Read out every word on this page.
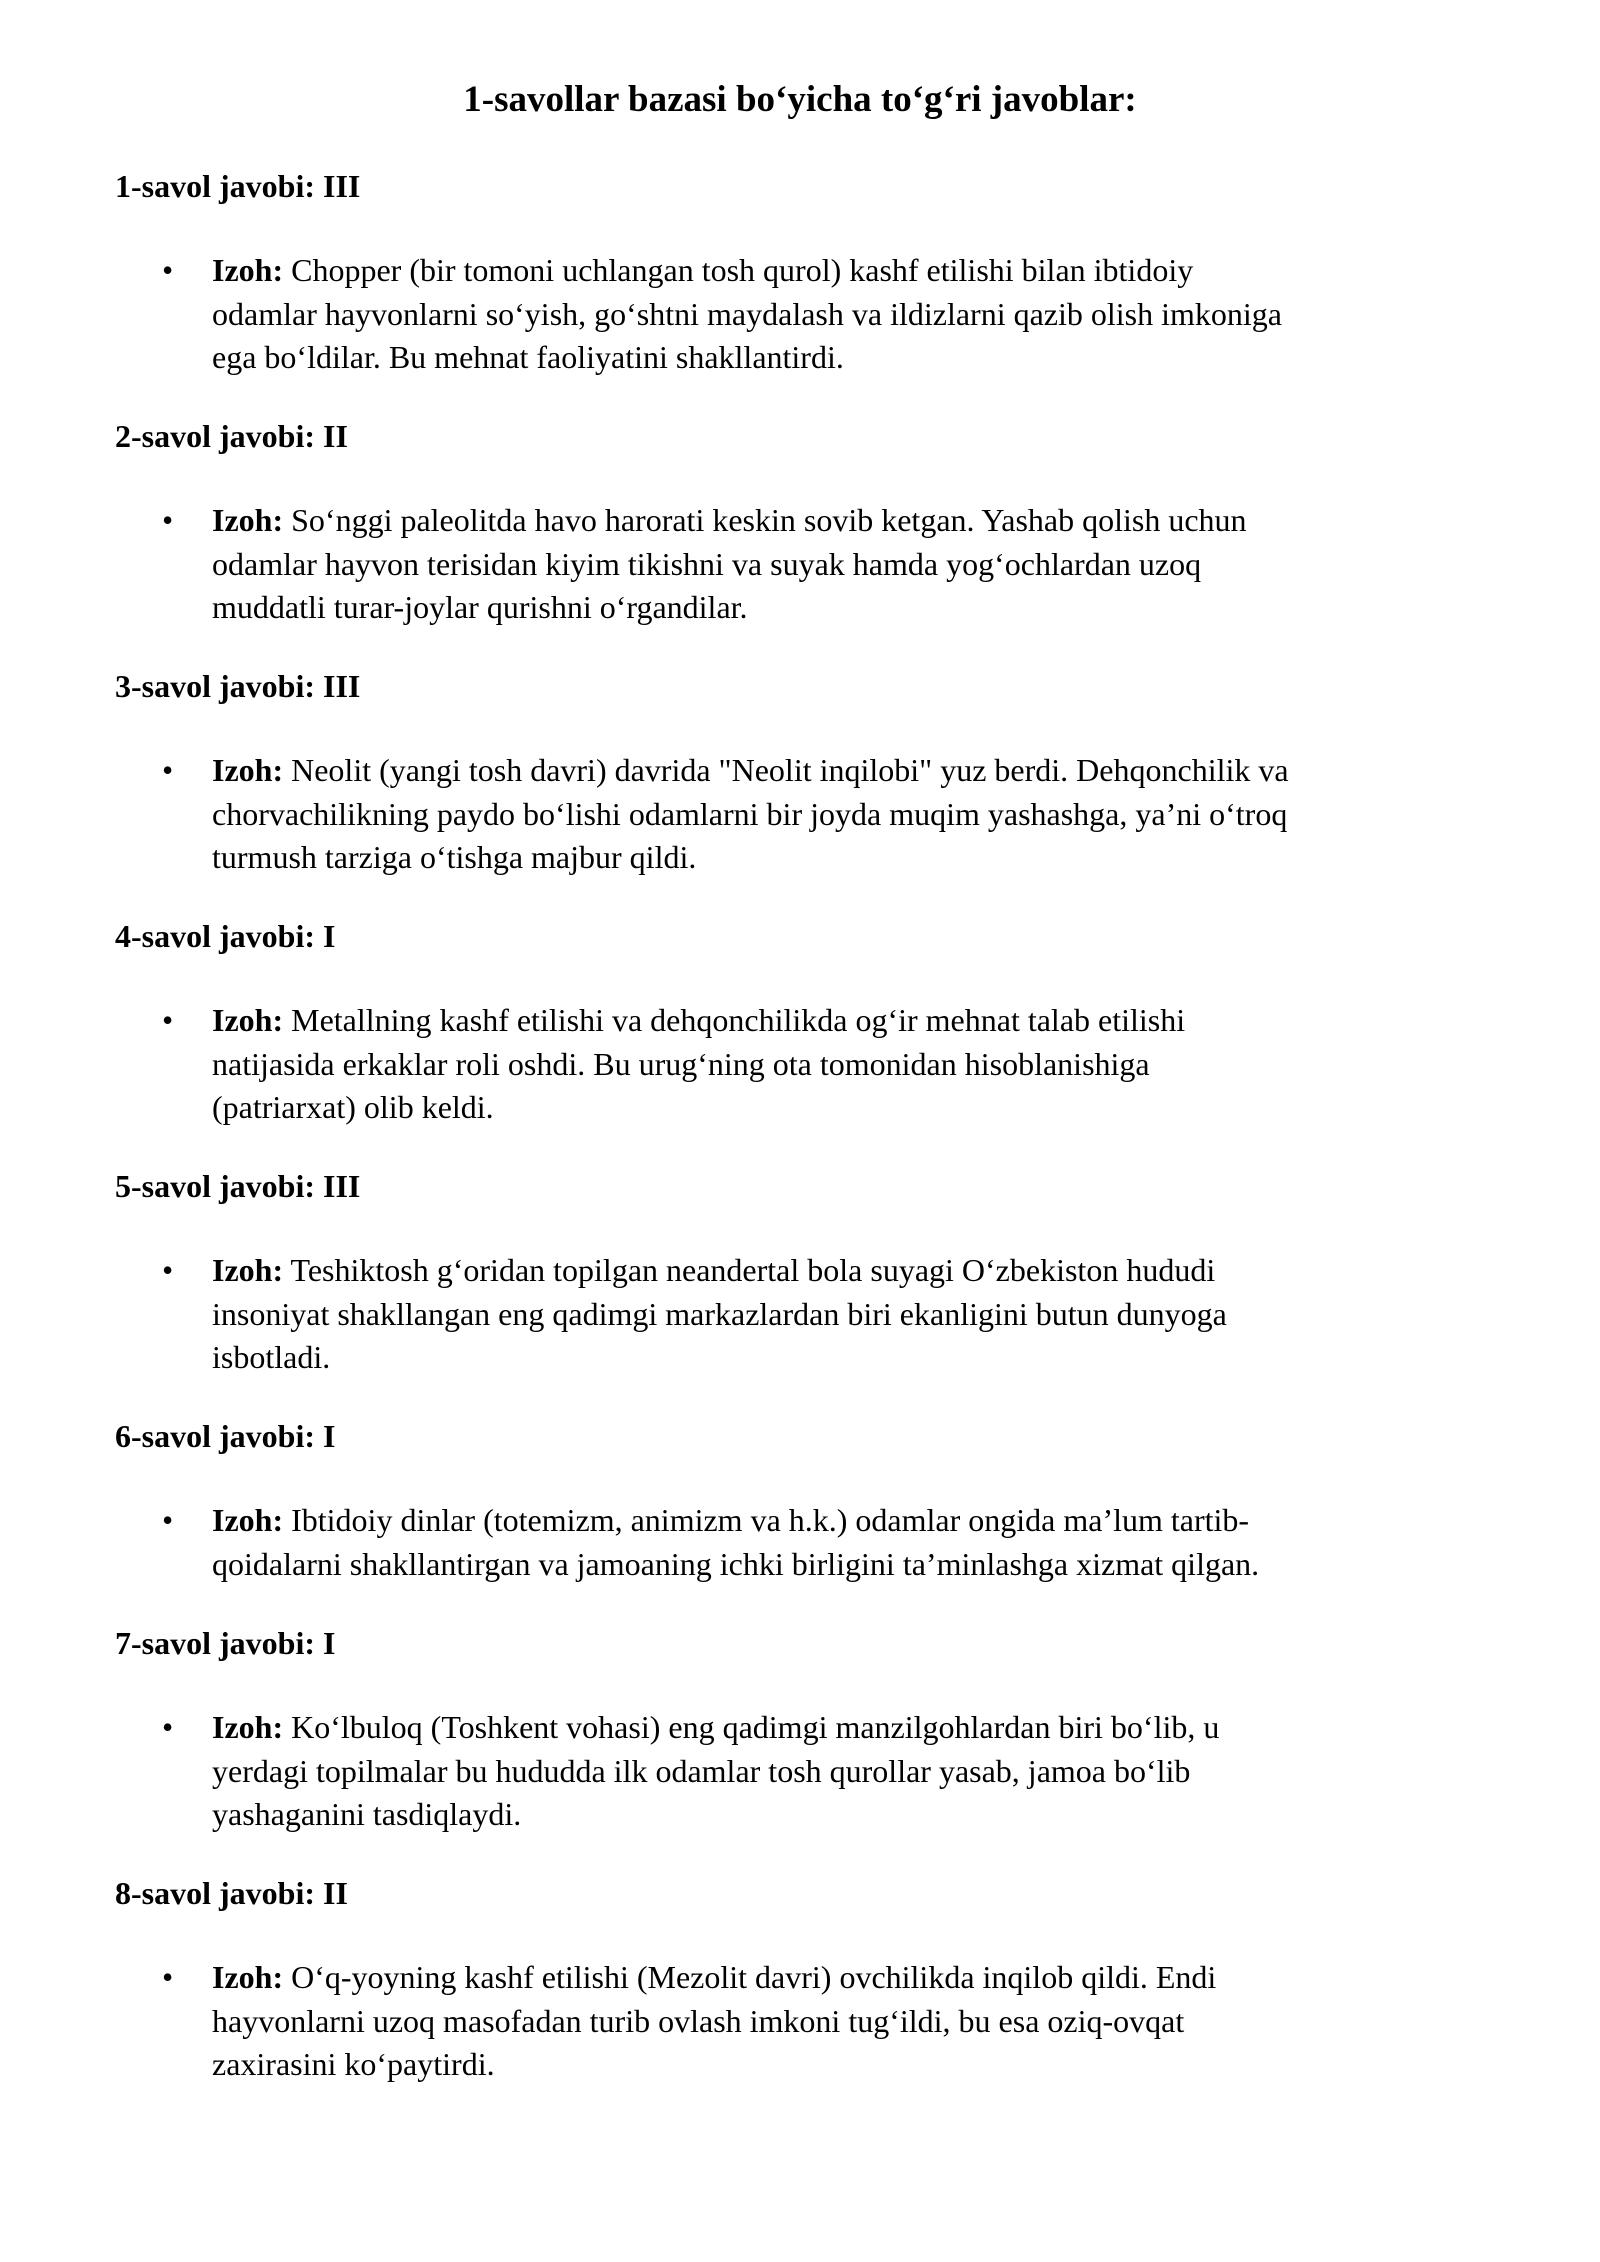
1-savollar bazasi bo‘yicha to‘g‘ri javoblar:

1-savol javobi: III

• Izoh: Chopper (bir tomoni uchlangan tosh qurol) kashf etilishi bilan ibtidoiy
odamlar hayvonlarni so‘yish, go‘shtni maydalash va ildizlarni qazib olish imkoniga
ega bo‘ldilar. Bu mehnat faoliyatini shakllantirdi.

2-savol javobi: II

• Izoh: So‘nggi paleolitda havo harorati keskin sovib ketgan. Yashab qolish uchun
odamlar hayvon terisidan kiyim tikishni va suyak hamda yog‘ochlardan uzoq
muddatli turar-joylar qurishni o‘rgandilar.

3-savol javobi: III

• Izoh: Neolit (yangi tosh davri) davrida "Neolit inqilobi" yuz berdi. Dehqonchilik va
chorvachilikning paydo bo‘lishi odamlarni bir joyda muqim yashashga, ya’ni o‘troq
turmush tarziga o‘tishga majbur qildi.

4-savol javobi: I

• Izoh: Metallning kashf etilishi va dehqonchilikda og‘ir mehnat talab etilishi
natijasida erkaklar roli oshdi. Bu urug‘ning ota tomonidan hisoblanishiga
(patriarxat) olib keldi.

5-savol javobi: III

• Izoh: Teshiktosh g‘oridan topilgan neandertal bola suyagi O‘zbekiston hududi
insoniyat shakllangan eng qadimgi markazlardan biri ekanligini butun dunyoga
isbotladi.

6-savol javobi: I

• Izoh: Ibtidoiy dinlar (totemizm, animizm va h.k.) odamlar ongida ma’lum tartib-
qoidalarni shakllantirgan va jamoaning ichki birligini ta’minlashga xizmat qilgan.

7-savol javobi: I

• Izoh: Ko‘lbuloq (Toshkent vohasi) eng qadimgi manzilgohlardan biri bo‘lib, u
yerdagi topilmalar bu hududda ilk odamlar tosh qurollar yasab, jamoa bo‘lib
yashaganini tasdiqlaydi.

8-savol javobi: II

• Izoh: O‘q-yoyning kashf etilishi (Mezolit davri) ovchilikda inqilob qildi. Endi
hayvonlarni uzoq masofadan turib ovlash imkoni tug‘ildi, bu esa oziq-ovqat
zaxirasini ko‘paytirdi.
